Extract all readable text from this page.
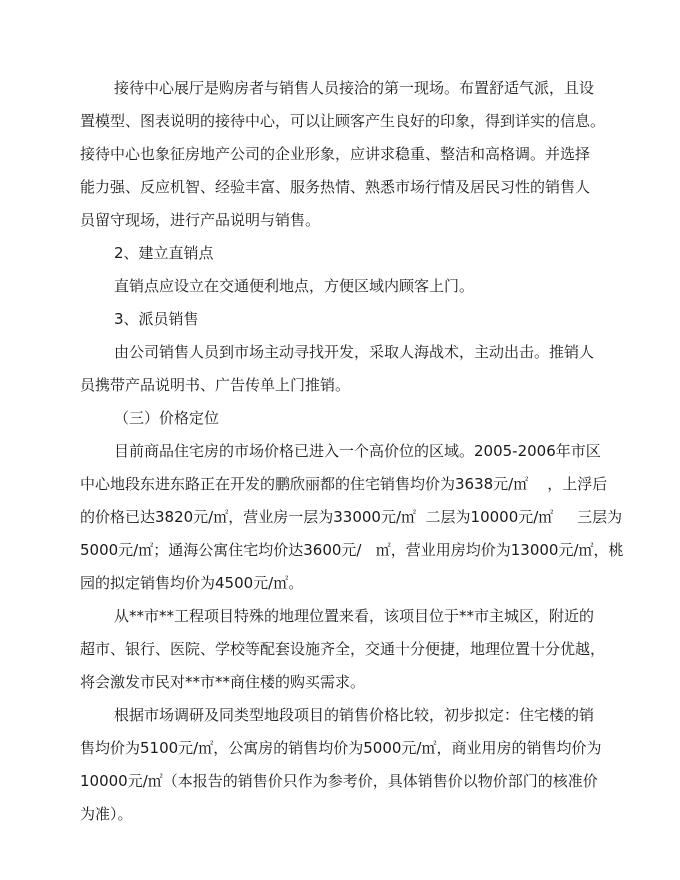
接待中心展厅是购房者与销售人员接洽的第一现场。布置舒适气派，且设
置模型、图表说明的接待中心，可以让顾客产生良好的印象，得到详实的信息。
接待中心也象征房地产公司的企业形象，应讲求稳重、整洁和高格调。并选择
能力强、反应机智、经验丰富、服务热情、熟悉市场行情及居民习性的销售人
员留守现场，进行产品说明与销售。
2、建立直销点
直销点应设立在交通便利地点，方便区域内顾客上门。
3、派员销售
由公司销售人员到市场主动寻找开发，采取人海战术，主动出击。推销人
员携带产品说明书、广告传单上门推销。
（三）价格定位
目前商品住宅房的市场价格已进入一个高价位的区域。2005-2006年市区
中心地段东进东路正在开发的鹏欣丽都的住宅销售均价为3638元/㎡    ，上浮后
的价格已达3820元/㎡，营业房一层为33000元/㎡  二层为10000元/㎡     三层为
5000元/㎡；通海公寓住宅均价达3600元/   ㎡，营业用房均价为13000元/㎡，桃
园的拟定销售均价为4500元/㎡。
从**市**工程项目特殊的地理位置来看，该项目位于**市主城区，附近的
超市、银行、医院、学校等配套设施齐全，交通十分便捷，地理位置十分优越，
将会激发市民对**市**商住楼的购买需求。
根据市场调研及同类型地段项目的销售价格比较，初步拟定：住宅楼的销
售均价为5100元/㎡，公寓房的销售均价为5000元/㎡，商业用房的销售均价为
10000元/㎡（本报告的销售价只作为参考价，具体销售价以物价部门的核准价
为准）。
